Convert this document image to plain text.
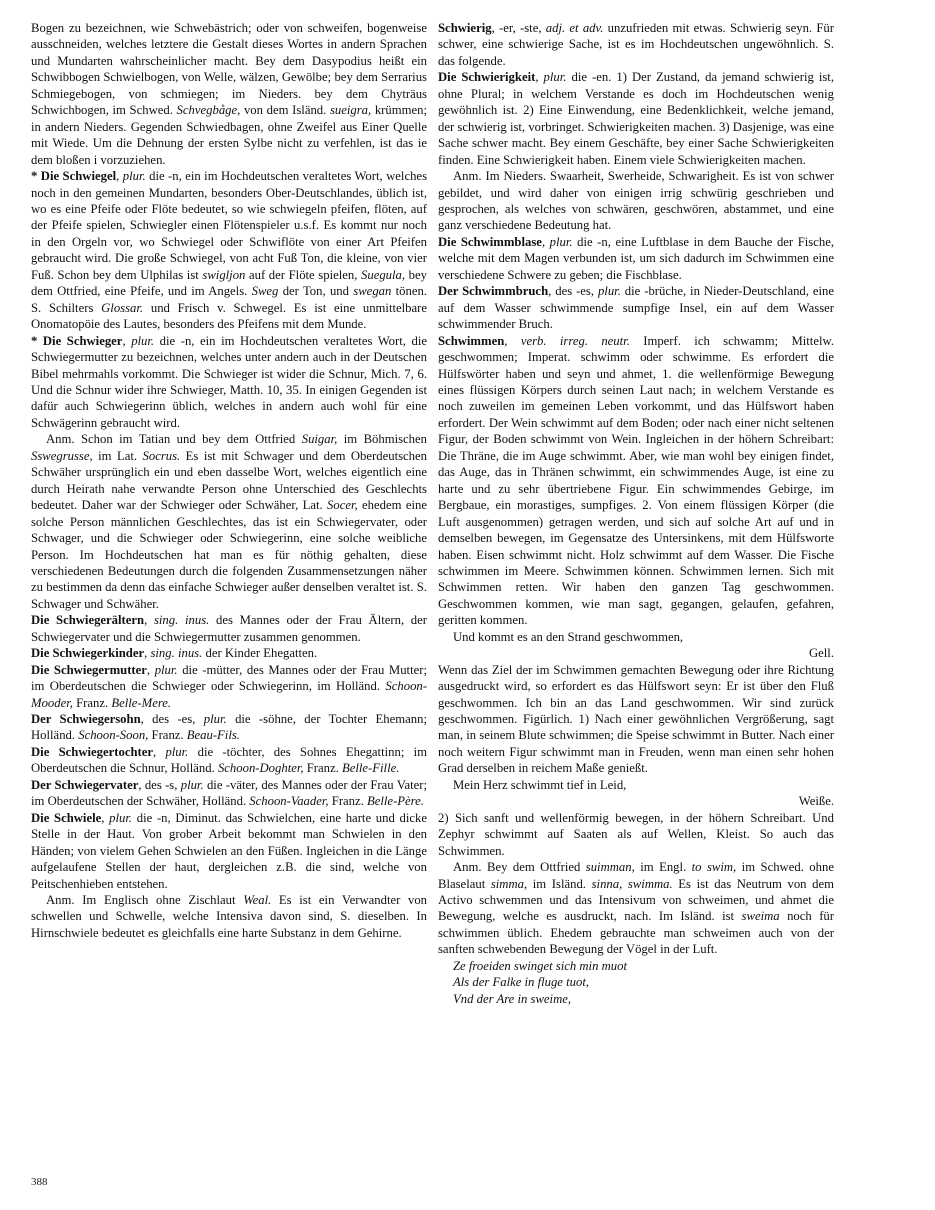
Bogen zu bezeichnen, wie Schwebästrich; oder von schweifen, bogenweise ausschneiden, welches letztere die Gestalt dieses Wortes in andern Sprachen und Mundarten wahrscheinlicher macht. Bey dem Dasypodius heißt ein Schwibbogen Schwielbogen, von Welle, wälzen, Gewölbe; bey dem Serrarius Schmiegebogen, von schmiegen; im Nieders. bey dem Chyträus Schwichbogen, im Schwed. Schvegbåge, von dem Isländ. sueigra, krümmen; in andern Nieders. Gegenden Schwiedbagen, ohne Zweifel aus Einer Quelle mit Wiede. Um die Dehnung der ersten Sylbe nicht zu verfehlen, ist das ie dem bloßen i vorzuziehen.

* Die Schwiegel, plur. die -n, ein im Hochdeutschen veraltetes Wort, welches noch in den gemeinen Mundarten, besonders Ober-Deutschlandes, üblich ist, wo es eine Pfeife oder Flöte bedeutet, so wie schwiegeln pfeifen, flöten, auf der Pfeife spielen, Schwiegler einen Flötenspieler u.s.f. Es kommt nur noch in den Orgeln vor, wo Schwiegel oder Schwiflöte von einer Art Pfeifen gebraucht wird. Die große Schwiegel, von acht Fuß Ton, die kleine, von vier Fuß. Schon bey dem Ulphilas ist swigljon auf der Flöte spielen, Suegula, bey dem Ottfried, eine Pfeife, und im Angels. Sweg der Ton, und swegan tönen. S. Schilters Glossar. und Frisch v. Schwegel. Es ist eine unmittelbare Onomatopöie des Lautes, besonders des Pfeifens mit dem Munde.

* Die Schwieger, plur. die -n, ein im Hochdeutschen veraltetes Wort, die Schwiegermutter zu bezeichnen, welches unter andern auch in der Deutschen Bibel mehrmahls vorkommt. Die Schwieger ist wider die Schnur, Mich. 7, 6. Und die Schnur wider ihre Schwieger, Matth. 10, 35. In einigen Gegenden ist dafür auch Schwiegerinn üblich, welches in andern auch wohl für eine Schwägerinn gebraucht wird.

Anm. Schon im Tatian und bey dem Ottfried Suigar, im Böhmischen Sswegrusse, im Lat. Socrus. Es ist mit Schwager und dem Oberdeutschen Schwäher ursprünglich ein und eben dasselbe Wort, welches eigentlich eine durch Heirath nahe verwandte Person ohne Unterschied des Geschlechts bedeutet. Daher war der Schwieger oder Schwäher, Lat. Socer, ehedem eine solche Person männlichen Geschlechtes, das ist ein Schwiegervater, oder Schwager, und die Schwieger oder Schwiegerinn, eine solche weibliche Person. Im Hochdeutschen hat man es für nöthig gehalten, diese verschiedenen Bedeutungen durch die folgenden Zusammensetzungen näher zu bestimmen da denn das einfache Schwieger außer denselben veraltet ist. S. Schwager und Schwäher.

Die Schwiegerältern, sing. inus. des Mannes oder der Frau Ältern, der Schwiegervater und die Schwiegermutter zusammen genommen.

Die Schwiegerkinder, sing. inus. der Kinder Ehegatten.

Die Schwiegermutter, plur. die -mütter, des Mannes oder der Frau Mutter; im Oberdeutschen die Schwieger oder Schwiegerinn, im Holländ. Schoon-Mooder, Franz. Belle-Mere.

Der Schwiegersohn, des -es, plur. die -söhne, der Tochter Ehemann; Holländ. Schoon-Soon, Franz. Beau-Fils.

Die Schwiegertochter, plur. die -töchter, des Sohnes Ehegattinn; im Oberdeutschen die Schnur, Holländ. Schoon-Doghter, Franz. Belle-Fille.

Der Schwiegervater, des -s, plur. die -väter, des Mannes oder der Frau Vater; im Oberdeutschen der Schwäher, Holländ. Schoon-Vaader, Franz. Belle-Père.

Die Schwiele, plur. die -n, Diminut. das Schwielchen, eine harte und dicke Stelle in der Haut. Von grober Arbeit bekommt man Schwielen in den Händen; von vielem Gehen Schwielen an den Füßen. Ingleichen in die Länge aufgelaufene Stellen der haut, dergleichen z.B. die sind, welche von Peitschenhieben entstehen.

Anm. Im Englisch ohne Zischlaut Weal. Es ist ein Verwandter von schwellen und Schwelle, welche Intensiva davon sind, S. dieselben. In Hirnschwiele bedeutet es gleichfalls eine harte Substanz in dem Gehirne.

Schwierig, -er, -ste, adj. et adv. unzufrieden mit etwas. Schwierig seyn. Für schwer, eine schwierige Sache, ist es im Hochdeutschen ungewöhnlich. S. das folgende.

Die Schwierigkeit, plur. die -en. 1) Der Zustand, da jemand schwierig ist, ohne Plural; in welchem Verstande es doch im Hochdeutschen wenig gewöhnlich ist. 2) Eine Einwendung, eine Bedenklichkeit, welche jemand, der schwierig ist, vorbringet. Schwierigkeiten machen. 3) Dasjenige, was eine Sache schwer macht. Bey einem Geschäfte, bey einer Sache Schwierigkeiten finden. Eine Schwierigkeit haben. Einem viele Schwierigkeiten machen.

Anm. Im Nieders. Swaarheit, Swerheide, Schwarigheit. Es ist von schwer gebildet, und wird daher von einigen irrig schwürig geschrieben und gesprochen, als welches von schwären, geschwören, abstammet, und eine ganz verschiedene Bedeutung hat.

Die Schwimmblase, plur. die -n, eine Luftblase in dem Bauche der Fische, welche mit dem Magen verbunden ist, um sich dadurch im Schwimmen eine verschiedene Schwere zu geben; die Fischblase.

Der Schwimmbruch, des -es, plur. die -brüche, in Nieder-Deutschland, eine auf dem Wasser schwimmende sumpfige Insel, ein auf dem Wasser schwimmender Bruch.

Schwimmen, verb. irreg. neutr. Imperf. ich schwamm; Mittelw. geschwommen; Imperat. schwimm oder schwimme. Es erfordert die Hülfswörter haben und seyn und ahmet, 1. die wellenförmige Bewegung eines flüssigen Körpers durch seinen Laut nach; in welchem Verstande es noch zuweilen im gemeinen Leben vorkommt, und das Hülfswort haben erfordert. Der Wein schwimmt auf dem Boden; oder nach einer nicht seltenen Figur, der Boden schwimmt von Wein. Ingleichen in der höhern Schreibart: Die Thräne, die im Auge schwimmt. Aber, wie man wohl bey einigen findet, das Auge, das in Thränen schwimmt, ein schwimmendes Auge, ist eine zu harte und zu sehr übertriebene Figur. Ein schwimmendes Gebirge, im Bergbaue, ein morastiges, sumpfiges. 2. Von einem flüssigen Körper (die Luft ausgenommen) getragen werden, und sich auf solche Art auf und in demselben bewegen, im Gegensatze des Untersinkens, mit dem Hülfsworte haben. Eisen schwimmt nicht. Holz schwimmt auf dem Wasser. Die Fische schwimmen im Meere. Schwimmen können. Schwimmen lernen. Sich mit Schwimmen retten. Wir haben den ganzen Tag geschwommen. Geschwommen kommen, wie man sagt, gegangen, gelaufen, gefahren, geritten kommen.

Und kommt es an den Strand geschwommen,

Gell.

Wenn das Ziel der im Schwimmen gemachten Bewegung oder ihre Richtung ausgedruckt wird, so erfordert es das Hülfswort seyn: Er ist über den Fluß geschwommen. Ich bin an das Land geschwommen. Wir sind zurück geschwommen. Figürlich. 1) Nach einer gewöhnlichen Vergrößerung, sagt man, in seinem Blute schwimmen; die Speise schwimmt in Butter. Nach einer noch weitern Figur schwimmt man in Freuden, wenn man einen sehr hohen Grad derselben in reichem Maße genießt.

Mein Herz schwimmt tief in Leid,

Weiße.

2) Sich sanft und wellenförmig bewegen, in der höhern Schreibart. Und Zephyr schwimmt auf Saaten als auf Wellen, Kleist. So auch das Schwimmen.

Anm. Bey dem Ottfried suimman, im Engl. to swim, im Schwed. ohne Blaselaut simma, im Isländ. sinna, swimma. Es ist das Neutrum von dem Activo schwemmen und das Intensivum von schweimen, und ahmet die Bewegung, welche es ausdruckt, nach. Im Isländ. ist sweima noch für schwimmen üblich. Ehedem gebrauchte man schweimen auch von der sanften schwebenden Bewegung der Vögel in der Luft.

Ze froeiden swinget sich min muot

Als der Falke in fluge tuot,

Vnd der Are in sweime,

388
